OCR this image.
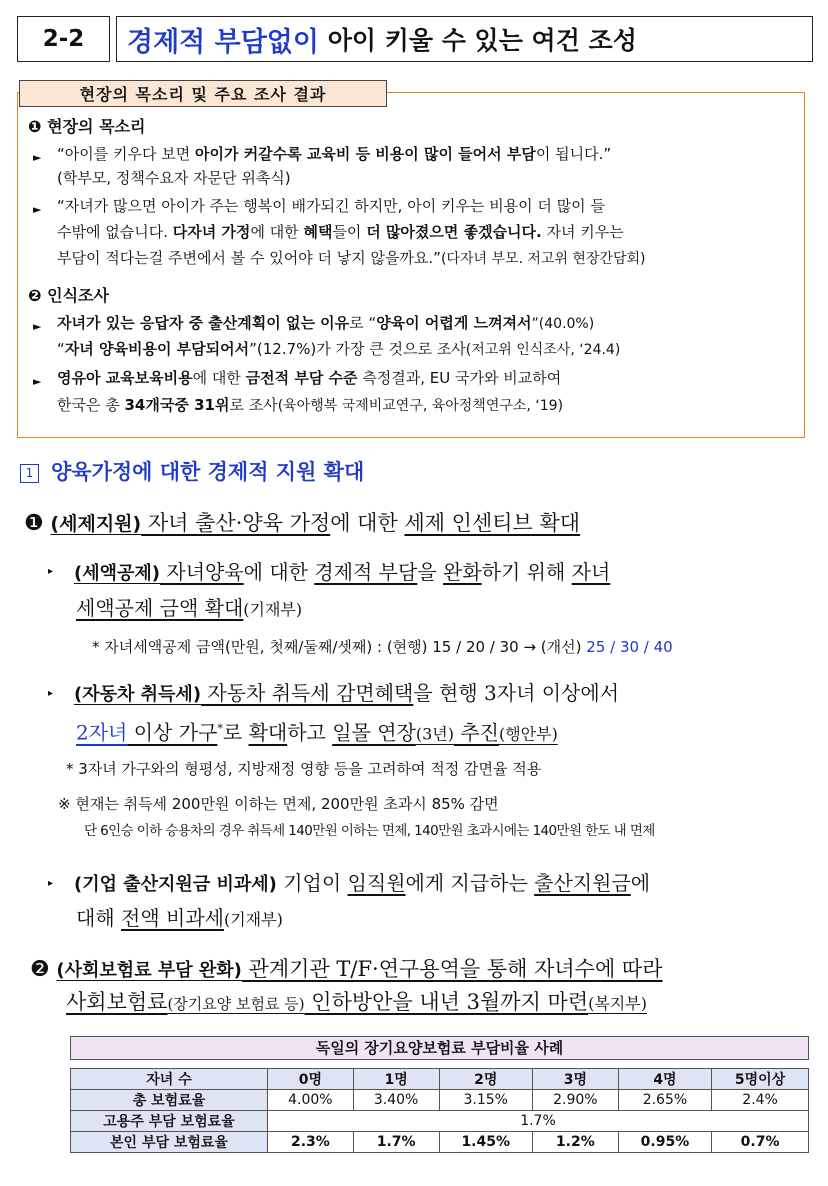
2-2	경제적 부담없이 아이 키울 수 있는 여건 조성
현장의 목소리 및 주요 조사 결과
❶ 현장의 목소리
► “아이를 키우다 보면 아이가 커갈수록 교육비 등 비용이 많이 들어서 부담이 됩니다.”
(학부모, 정책수요자 자문단 위촉식)
► “자녀가 많으면 아이가 주는 행복이 배가되긴 하지만, 아이 키우는 비용이 더 많이 들
수밖에 없습니다. 다자녀 가정에 대한 혜택들이 더 많아졌으면 좋겠습니다. 자녀 키우는
부담이 적다는걸 주변에서 볼 수 있어야 더 낳지 않을까요.”(다자녀 부모. 저고위 현장간담회)
❷ 인식조사
► 자녀가 있는 응답자 중 출산계획이 없는 이유로 “양육이 어렵게 느껴져서”(40.0%)
“자녀 양육비용이 부담되어서”(12.7%)가 가장 큰 것으로 조사(저고위 인식조사, ‘24.4)
► 영유아 교육보육비용에 대한 금전적 부담 수준 측정결과, EU 국가와 비교하여
한국은 총 34개국중 31위로 조사(육아행복 국제비교연구, 육아정책연구소, ‘19)
1 양육가정에 대한 경제적 지원 확대
❶ (세제지원) 자녀 출산·양육 가정에 대한 세제 인센티브 확대
▸ (세액공제) 자녀양육에 대한 경제적 부담을 완화하기 위해 자녀
세액공제 금액 확대(기재부)
* 자녀세액공제 금액(만원, 첫째/둘째/셋째) : (현행) 15 / 20 / 30 → (개선) 25 / 30 / 40
▸ (자동차 취득세) 자동차 취득세 감면혜택을 현행 3자녀 이상에서
2자녀 이상 가구*로 확대하고 일몰 연장(3년) 추진(행안부)
* 3자녀 가구와의 형평성, 지방재정 영향 등을 고려하여 적정 감면율 적용
※ 현재는 취득세 200만원 이하는 면제, 200만원 초과시 85% 감면
단 6인승 이하 승용차의 경우 취득세 140만원 이하는 면제, 140만원 초과시에는 140만원 한도 내 면제
▸ (기업 출산지원금 비과세) 기업이 임직원에게 지급하는 출산지원금에
대해 전액 비과세(기재부)
❷ (사회보험료 부담 완화) 관계기관 T/F·연구용역을 통해 자녀수에 따라
사회보험료(장기요양 보험료 등) 인하방안을 내년 3월까지 마련(복지부)
독일의 장기요양보험료 부담비율 사례
자녀 수	0명	1명	2명	3명	4명	5명이상
총 보험료율	4.00%	3.40%	3.15%	2.90%	2.65%	2.4%
고용주 부담 보험료율	1.7%					
본인 부담 보험료율	2.3%	1.7%	1.45%	1.2%	0.95%	0.7%
